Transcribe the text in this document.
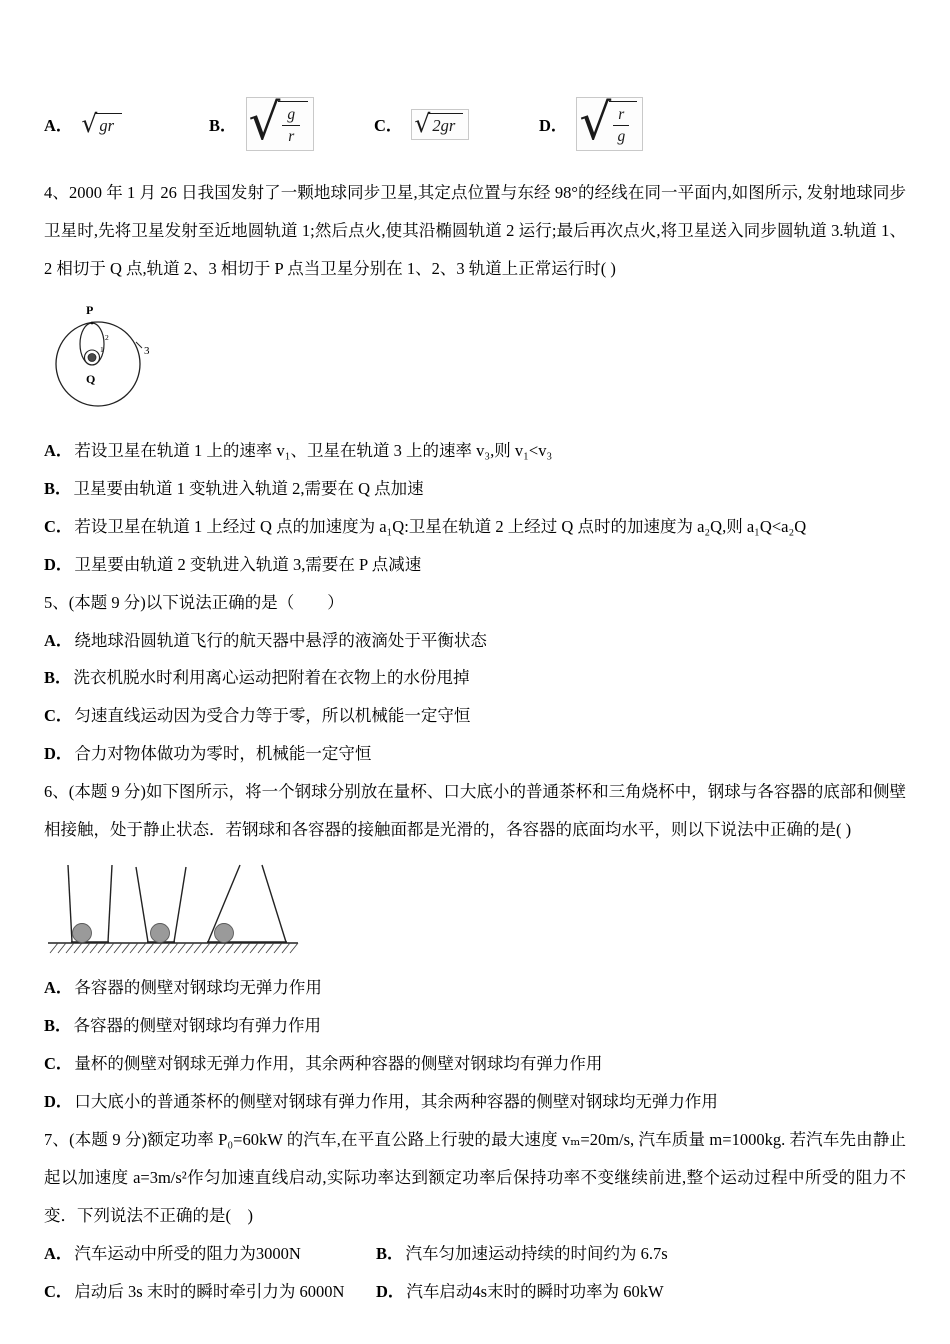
A． √ gr	B． √ $\frac{g}{r}$	C． √ 2gr	D． √ $\frac{r}{g}$

4、2000 年 1 月 26 日我国发射了一颗地球同步卫星,其定点位置与东经 98°的经线在同一平面内,如图所示, 发射地球同步卫星时,先将卫星发射至近地圆轨道 1;然后点火,使其沿椭圆轨道 2 运行;最后再次点火,将卫星送入同步圆轨道 3.轨道 1、2 相切于 Q 点,轨道 2、3 相切于 P 点当卫星分别在 1、2、3 轨道上正常运行时( )

P
Q
1
2
3
A． 若设卫星在轨道 1 上的速率 v₁、卫星在轨道 3 上的速率 v₃,则 v₁<v₃
B． 卫星要由轨道 1 变轨进入轨道 2,需要在 Q 点加速
C． 若设卫星在轨道 1 上经过 Q 点的加速度为 a₁Q:卫星在轨道 2 上经过 Q 点时的加速度为 a₂Q,则 a₁Q<a₂Q
D． 卫星要由轨道 2 变轨进入轨道 3,需要在 P 点减速

5、(本题 9 分)以下说法正确的是（　　）

A． 绕地球沿圆轨道飞行的航天器中悬浮的液滴处于平衡状态
B． 洗衣机脱水时利用离心运动把附着在衣物上的水份甩掉
C． 匀速直线运动因为受合力等于零，所以机械能一定守恒
D． 合力对物体做功为零时，机械能一定守恒

6、(本题 9 分)如下图所示，将一个钢球分别放在量杯、口大底小的普通茶杯和三角烧杯中，钢球与各容器的底部和侧壁相接触，处于静止状态．若钢球和各容器的接触面都是光滑的，各容器的底面均水平，则以下说法中正确的是( )

A． 各容器的侧壁对钢球均无弹力作用
B． 各容器的侧壁对钢球均有弹力作用
C． 量杯的侧壁对钢球无弹力作用，其余两种容器的侧壁对钢球均有弹力作用
D． 口大底小的普通茶杯的侧壁对钢球有弹力作用，其余两种容器的侧壁对钢球均无弹力作用

7、(本题 9 分)额定功率 P₀=60kW 的汽车,在平直公路上行驶的最大速度 vₘ=20m/s, 汽车质量 m=1000kg. 若汽车先由静止起以加速度 a=3m/s²作匀加速直线启动,实际功率达到额定功率后保持功率不变继续前进,整个运动过程中所受的阻力不变．下列说法不正确的是(　)

A． 汽车运动中所受的阻力为3000N	B． 汽车匀加速运动持续的时间约为 6.7s
C． 启动后 3s 末时的瞬时牵引力为 6000N	D． 汽车启动4s末时的瞬时功率为 60kW
